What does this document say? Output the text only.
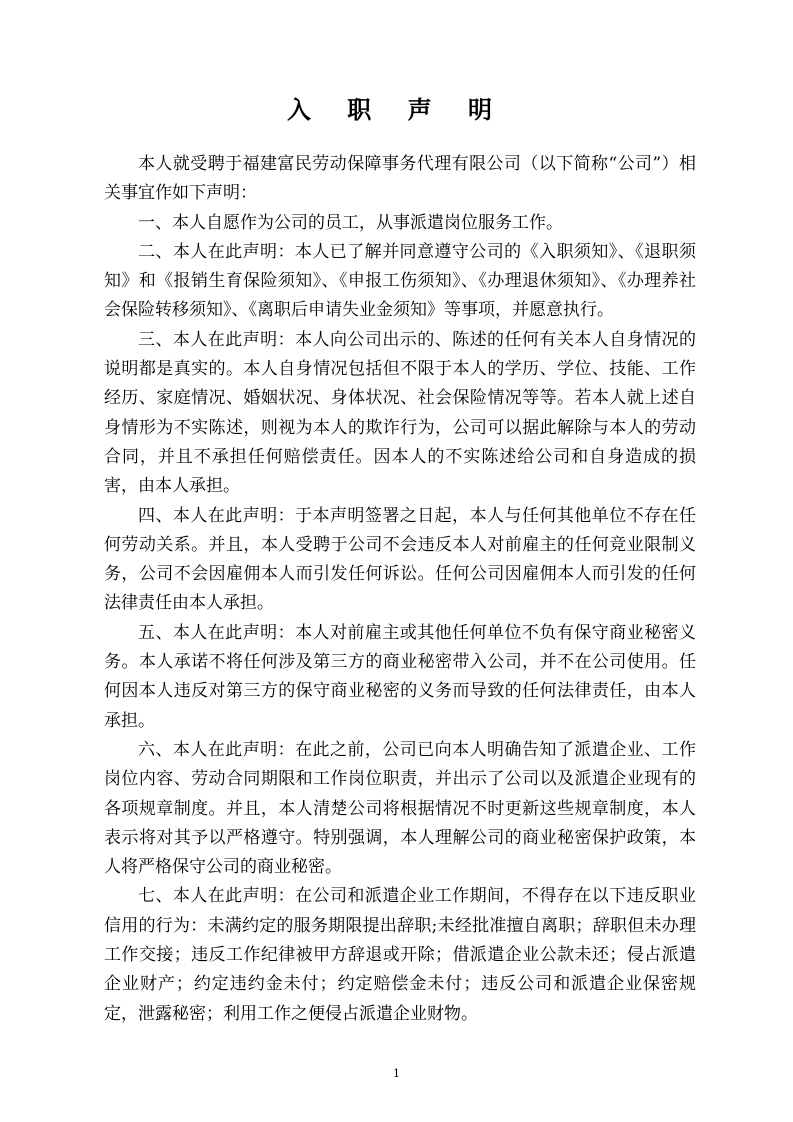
入 职 声 明

本人就受聘于福建富民劳动保障事务代理有限公司（以下简称“公司”）相关事宜作如下声明：

一、本人自愿作为公司的员工，从事派遣岗位服务工作。

二、本人在此声明：本人已了解并同意遵守公司的《入职须知》、《退职须知》和《报销生育保险须知》、《申报工伤须知》、《办理退休须知》、《办理养社会保险转移须知》、《离职后申请失业金须知》等事项，并愿意执行。

三、本人在此声明：本人向公司出示的、陈述的任何有关本人自身情况的说明都是真实的。本人自身情况包括但不限于本人的学历、学位、技能、工作经历、家庭情况、婚姻状况、身体状况、社会保险情况等等。若本人就上述自身情形为不实陈述，则视为本人的欺诈行为，公司可以据此解除与本人的劳动合同，并且不承担任何赔偿责任。因本人的不实陈述给公司和自身造成的损害，由本人承担。

四、本人在此声明：于本声明签署之日起，本人与任何其他单位不存在任何劳动关系。并且，本人受聘于公司不会违反本人对前雇主的任何竞业限制义务，公司不会因雇佣本人而引发任何诉讼。任何公司因雇佣本人而引发的任何法律责任由本人承担。

五、本人在此声明：本人对前雇主或其他任何单位不负有保守商业秘密义务。本人承诺不将任何涉及第三方的商业秘密带入公司，并不在公司使用。任何因本人违反对第三方的保守商业秘密的义务而导致的任何法律责任，由本人承担。

六、本人在此声明：在此之前，公司已向本人明确告知了派遣企业、工作岗位内容、劳动合同期限和工作岗位职责，并出示了公司以及派遣企业现有的各项规章制度。并且，本人清楚公司将根据情况不时更新这些规章制度，本人表示将对其予以严格遵守。特别强调，本人理解公司的商业秘密保护政策，本人将严格保守公司的商业秘密。

七、本人在此声明：在公司和派遣企业工作期间，不得存在以下违反职业信用的行为：未满约定的服务期限提出辞职;未经批准擅自离职；辞职但未办理工作交接；违反工作纪律被甲方辞退或开除；借派遣企业公款未还；侵占派遣企业财产；约定违约金未付；约定赔偿金未付；违反公司和派遣企业保密规定，泄露秘密；利用工作之便侵占派遣企业财物。

1
